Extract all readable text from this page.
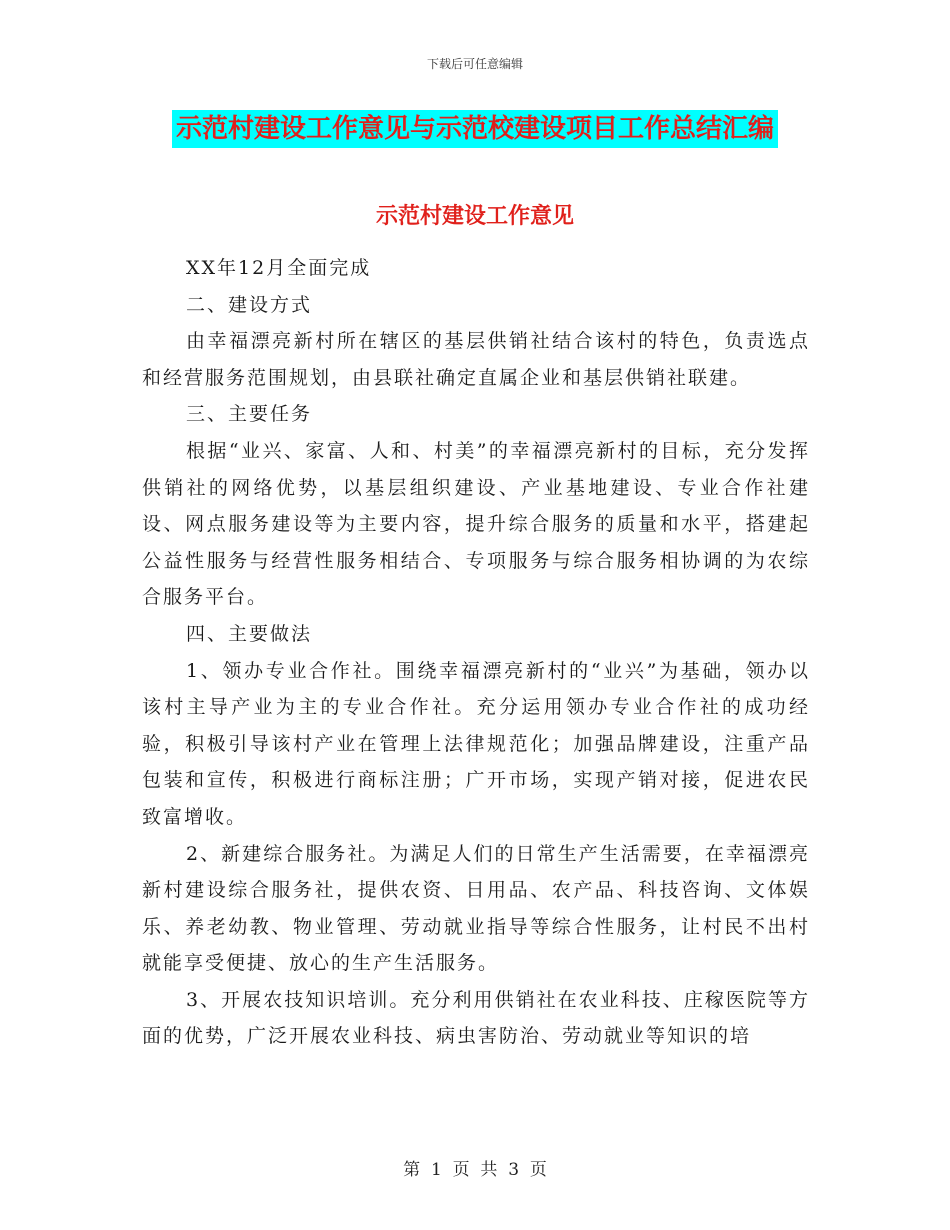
下载后可任意编辑
示范村建设工作意见与示范校建设项目工作总结汇编
示范村建设工作意见

XX年12月全面完成

二、建设方式

由幸福漂亮新村所在辖区的基层供销社结合该村的特色，负责选点和经营服务范围规划，由县联社确定直属企业和基层供销社联建。

三、主要任务

根据“业兴、家富、人和、村美”的幸福漂亮新村的目标，充分发挥供销社的网络优势，以基层组织建设、产业基地建设、专业合作社建设、网点服务建设等为主要内容，提升综合服务的质量和水平，搭建起公益性服务与经营性服务相结合、专项服务与综合服务相协调的为农综合服务平台。

四、主要做法

1、领办专业合作社。围绕幸福漂亮新村的“业兴”为基础，领办以该村主导产业为主的专业合作社。充分运用领办专业合作社的成功经验，积极引导该村产业在管理上法律规范化；加强品牌建设，注重产品包装和宣传，积极进行商标注册；广开市场，实现产销对接，促进农民致富增收。

2、新建综合服务社。为满足人们的日常生产生活需要，在幸福漂亮新村建设综合服务社，提供农资、日用品、农产品、科技咨询、文体娱乐、养老幼教、物业管理、劳动就业指导等综合性服务，让村民不出村就能享受便捷、放心的生产生活服务。

3、开展农技知识培训。充分利用供销社在农业科技、庄稼医院等方面的优势，广泛开展农业科技、病虫害防治、劳动就业等知识的培

第  1  页  共  3  页
